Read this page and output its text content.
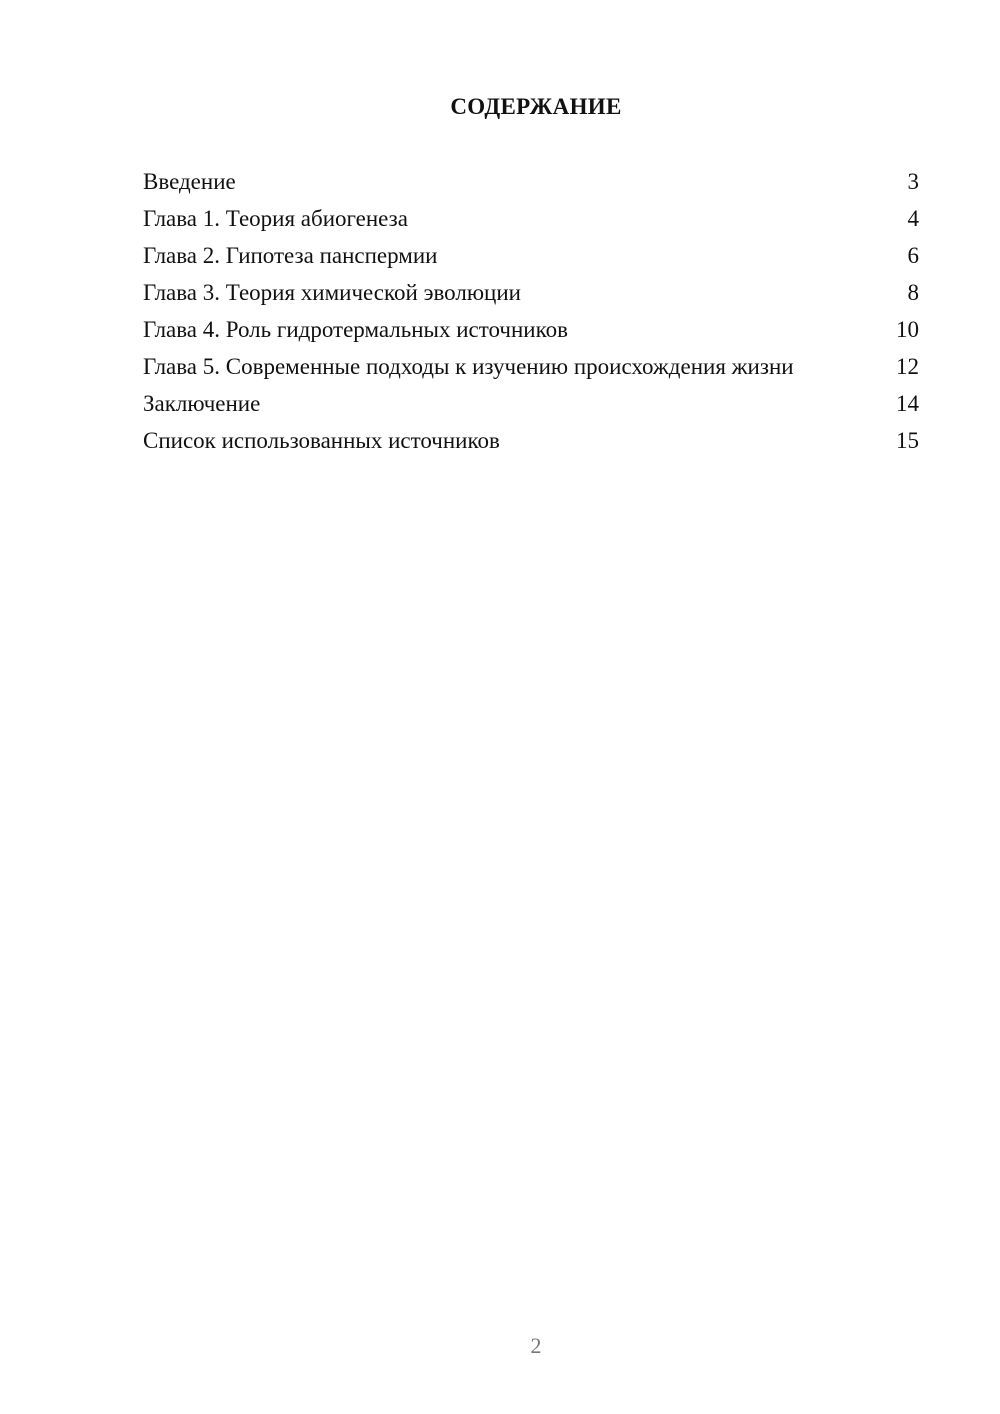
СОДЕРЖАНИЕ
Введение	3
Глава 1. Теория абиогенеза	4
Глава 2. Гипотеза панспермии	6
Глава 3. Теория химической эволюции	8
Глава 4. Роль гидротермальных источников	10
Глава 5. Современные подходы к изучению происхождения жизни	12
Заключение	14
Список использованных источников	15
2
